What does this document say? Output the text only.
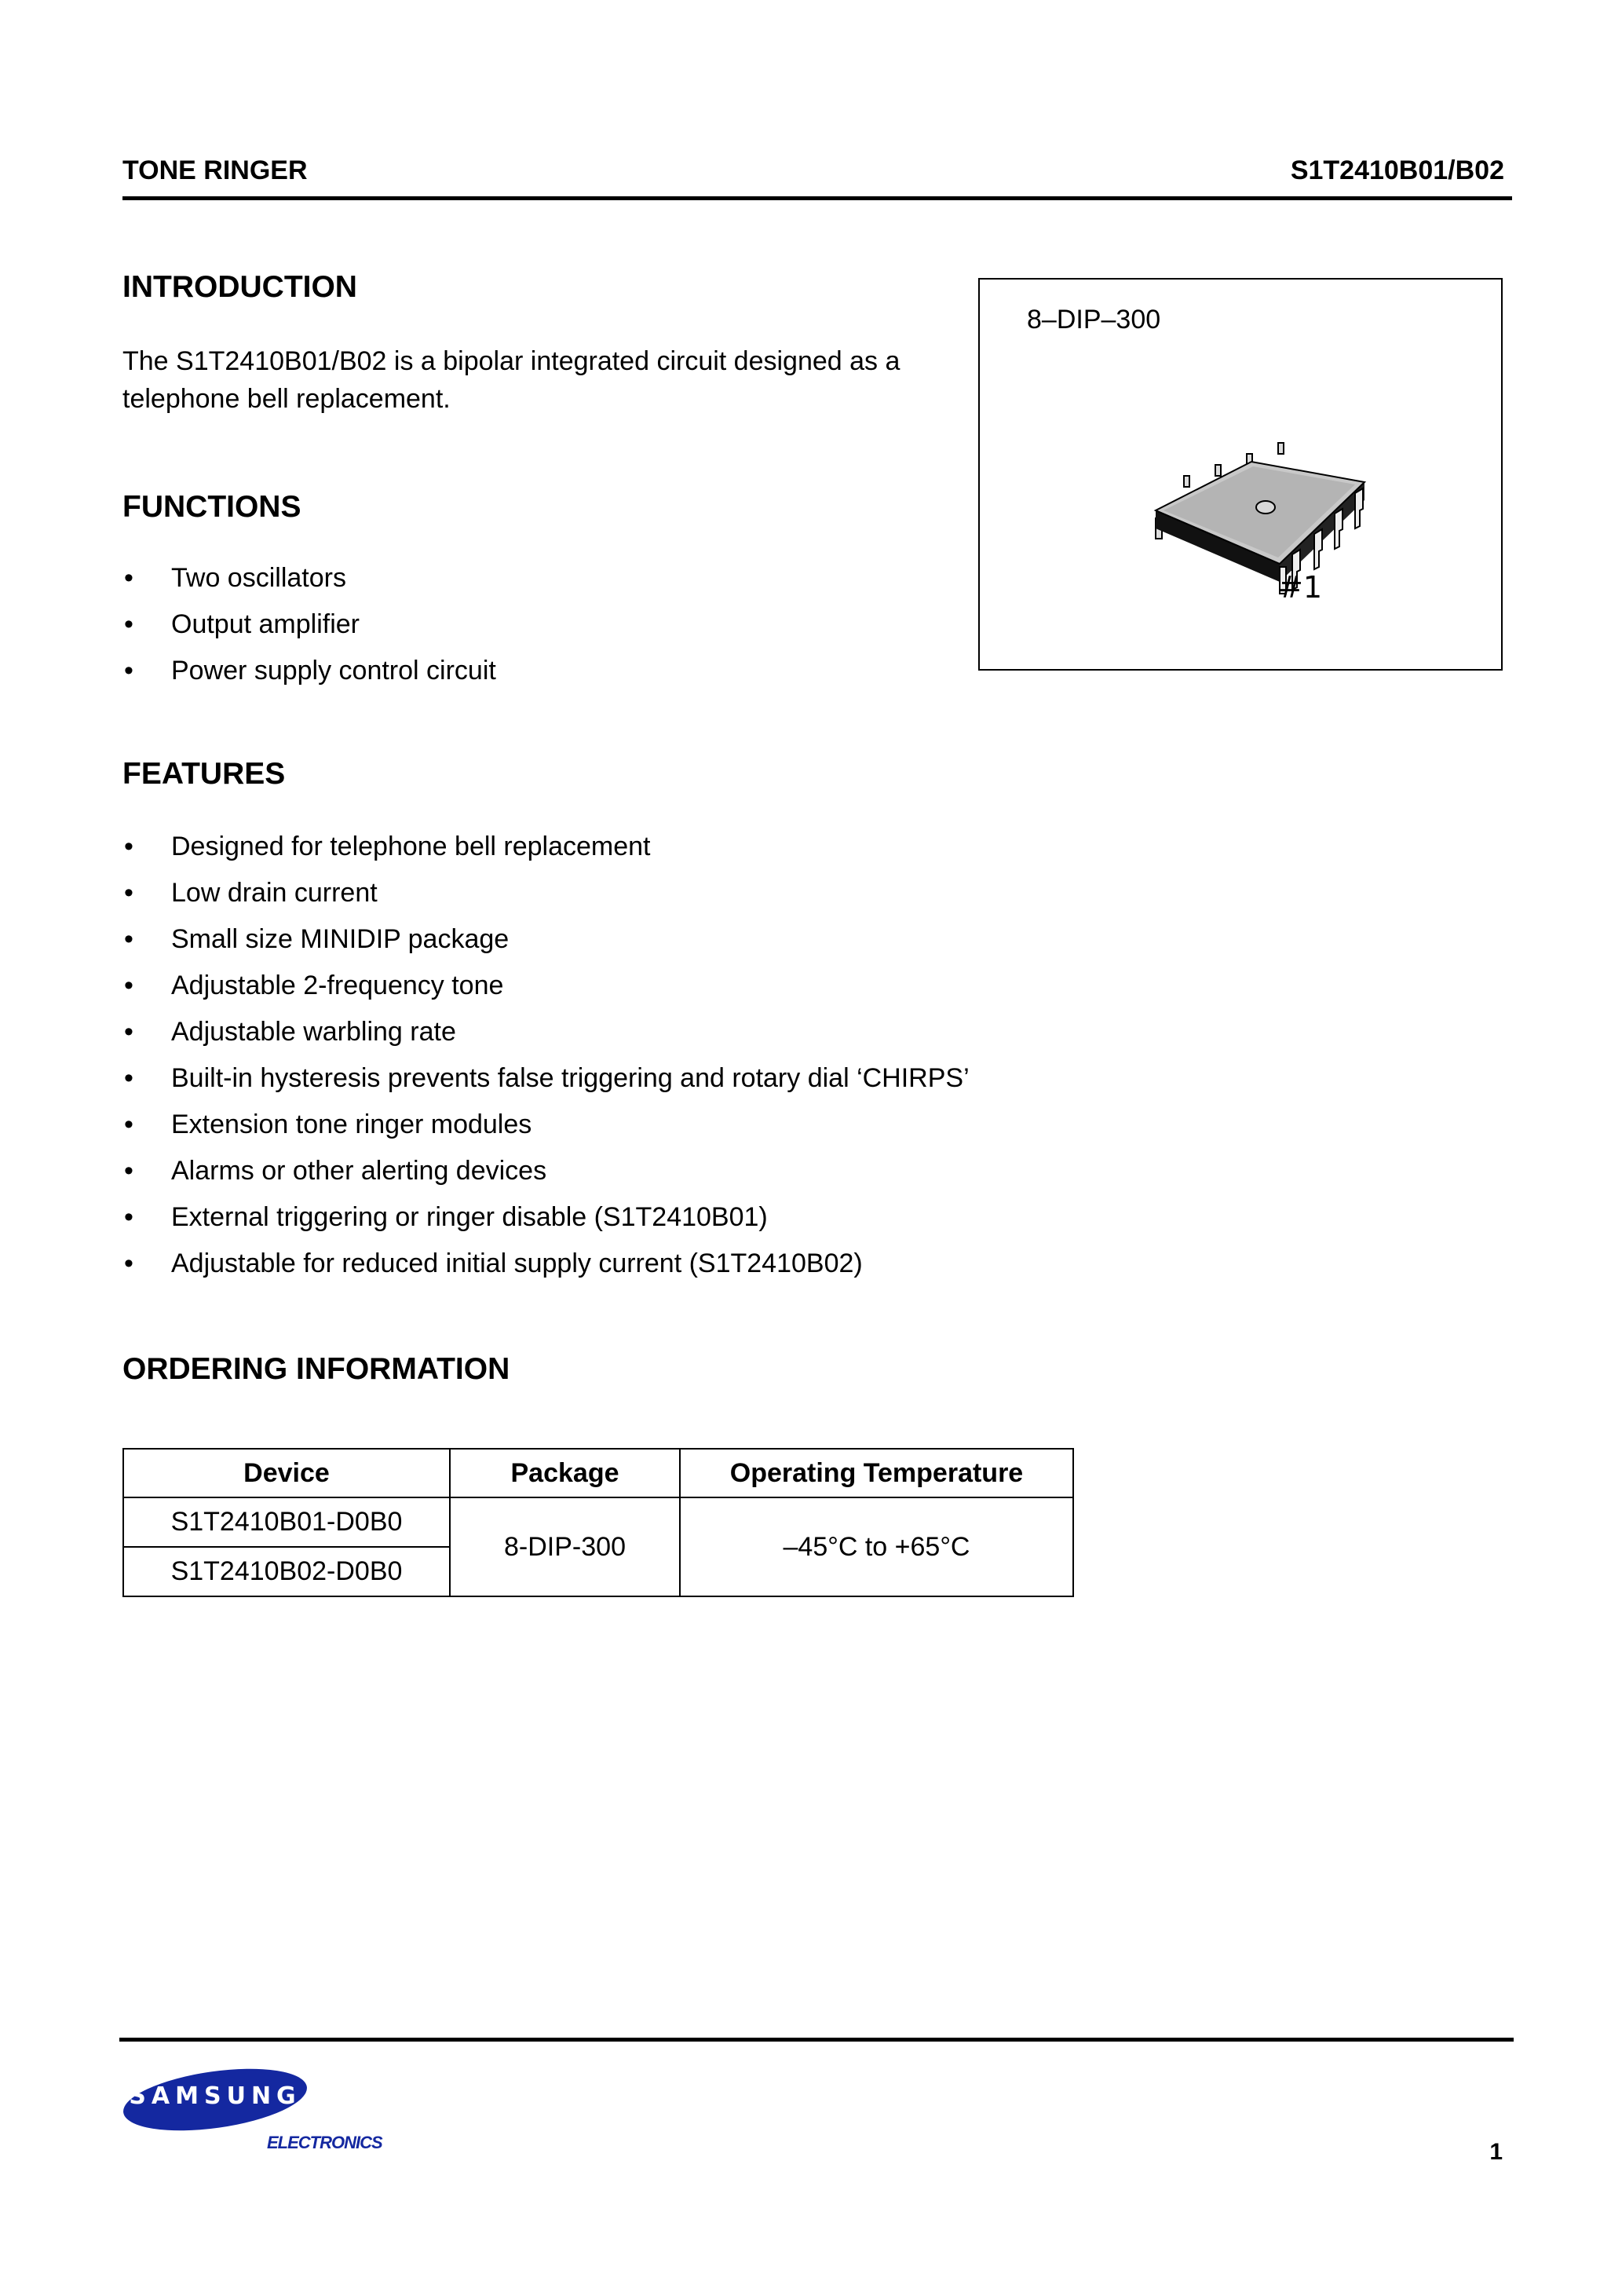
TONE RINGER	S1T2410B01/B02
INTRODUCTION
The S1T2410B01/B02 is a bipolar integrated circuit designed as a telephone bell replacement.
8–DIP–300
#1
FUNCTIONS
• Two oscillators
• Output amplifier
• Power supply control circuit
FEATURES
• Designed for telephone bell replacement
• Low drain current
• Small size MINIDIP package
• Adjustable 2-frequency tone
• Adjustable warbling rate
• Built-in hysteresis prevents false triggering and rotary dial ‘CHIRPS’
• Extension tone ringer modules
• Alarms or other alerting devices
• External triggering or ringer disable (S1T2410B01)
• Adjustable for reduced initial supply current (S1T2410B02)
ORDERING INFORMATION
Device	Package	Operating Temperature
S1T2410B01-D0B0	8-DIP-300	–45°C to +65°C
S1T2410B02-D0B0		
SAMSUNG
ELECTRONICS	1
